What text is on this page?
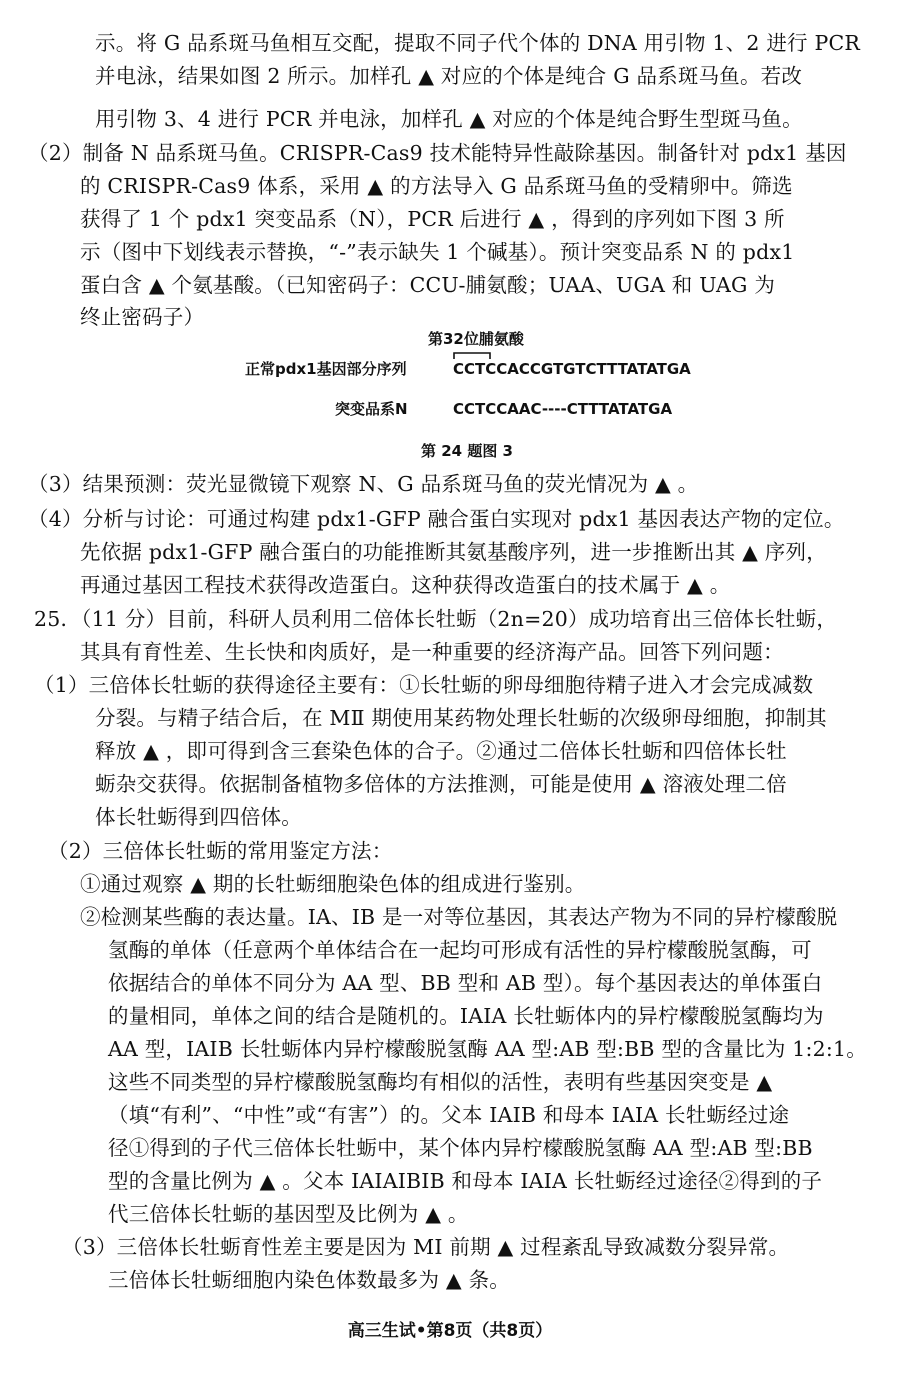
示。将 G 品系斑马鱼相互交配，提取不同子代个体的 DNA 用引物 1、2 进行 PCR
并电泳，结果如图 2 所示。加样孔 ▲ 对应的个体是纯合 G 品系斑马鱼。若改
用引物 3、4 进行 PCR 并电泳，加样孔 ▲ 对应的个体是纯合野生型斑马鱼。
（2）制备 N 品系斑马鱼。CRISPR-Cas9 技术能特异性敲除基因。制备针对 pdx1 基因
的 CRISPR-Cas9 体系，采用 ▲ 的方法导入 G 品系斑马鱼的受精卵中。筛选
获得了 1 个 pdx1 突变品系（N），PCR 后进行 ▲ ，得到的序列如下图 3 所
示（图中下划线表示替换，“-”表示缺失 1 个碱基）。预计突变品系 N 的 pdx1
蛋白含 ▲ 个氨基酸。（已知密码子：CCU-脯氨酸；UAA、UGA 和 UAG 为
终止密码子）
第32位脯氨酸
正常pdx1基因部分序列	CCTCCACCGTGTCTTTATATGA
突变品系N	CCTCCAAC----CTTTATATGA
第 24 题图 3
（3）结果预测：荧光显微镜下观察 N、G 品系斑马鱼的荧光情况为 ▲ 。
（4）分析与讨论：可通过构建 pdx1-GFP 融合蛋白实现对 pdx1 基因表达产物的定位。
先依据 pdx1-GFP 融合蛋白的功能推断其氨基酸序列，进一步推断出其 ▲ 序列，
再通过基因工程技术获得改造蛋白。这种获得改造蛋白的技术属于 ▲ 。
25．（11 分）目前，科研人员利用二倍体长牡蛎（2n=20）成功培育出三倍体长牡蛎，
其具有育性差、生长快和肉质好，是一种重要的经济海产品。回答下列问题：
（1）三倍体长牡蛎的获得途径主要有：①长牡蛎的卵母细胞待精子进入才会完成减数
分裂。与精子结合后，在 MⅡ 期使用某药物处理长牡蛎的次级卵母细胞，抑制其
释放 ▲ ，即可得到含三套染色体的合子。②通过二倍体长牡蛎和四倍体长牡
蛎杂交获得。依据制备植物多倍体的方法推测，可能是使用 ▲ 溶液处理二倍
体长牡蛎得到四倍体。
（2）三倍体长牡蛎的常用鉴定方法：
①通过观察 ▲ 期的长牡蛎细胞染色体的组成进行鉴别。
②检测某些酶的表达量。IA、IB 是一对等位基因，其表达产物为不同的异柠檬酸脱
氢酶的单体（任意两个单体结合在一起均可形成有活性的异柠檬酸脱氢酶，可
依据结合的单体不同分为 AA 型、BB 型和 AB 型）。每个基因表达的单体蛋白
的量相同，单体之间的结合是随机的。IAIA 长牡蛎体内的异柠檬酸脱氢酶均为
AA 型，IAIB 长牡蛎体内异柠檬酸脱氢酶 AA 型:AB 型:BB 型的含量比为 1:2:1。
这些不同类型的异柠檬酸脱氢酶均有相似的活性，表明有些基因突变是 ▲
（填“有利”、“中性”或“有害”）的。父本 IAIB 和母本 IAIA 长牡蛎经过途
径①得到的子代三倍体长牡蛎中，某个体内异柠檬酸脱氢酶 AA 型:AB 型:BB
型的含量比例为 ▲ 。父本 IAIAIBIB 和母本 IAIA 长牡蛎经过途径②得到的子
代三倍体长牡蛎的基因型及比例为 ▲ 。
（3）三倍体长牡蛎育性差主要是因为 MⅠ 前期 ▲ 过程紊乱导致减数分裂异常。
三倍体长牡蛎细胞内染色体数最多为 ▲ 条。
高三生试•第8页（共8页）
